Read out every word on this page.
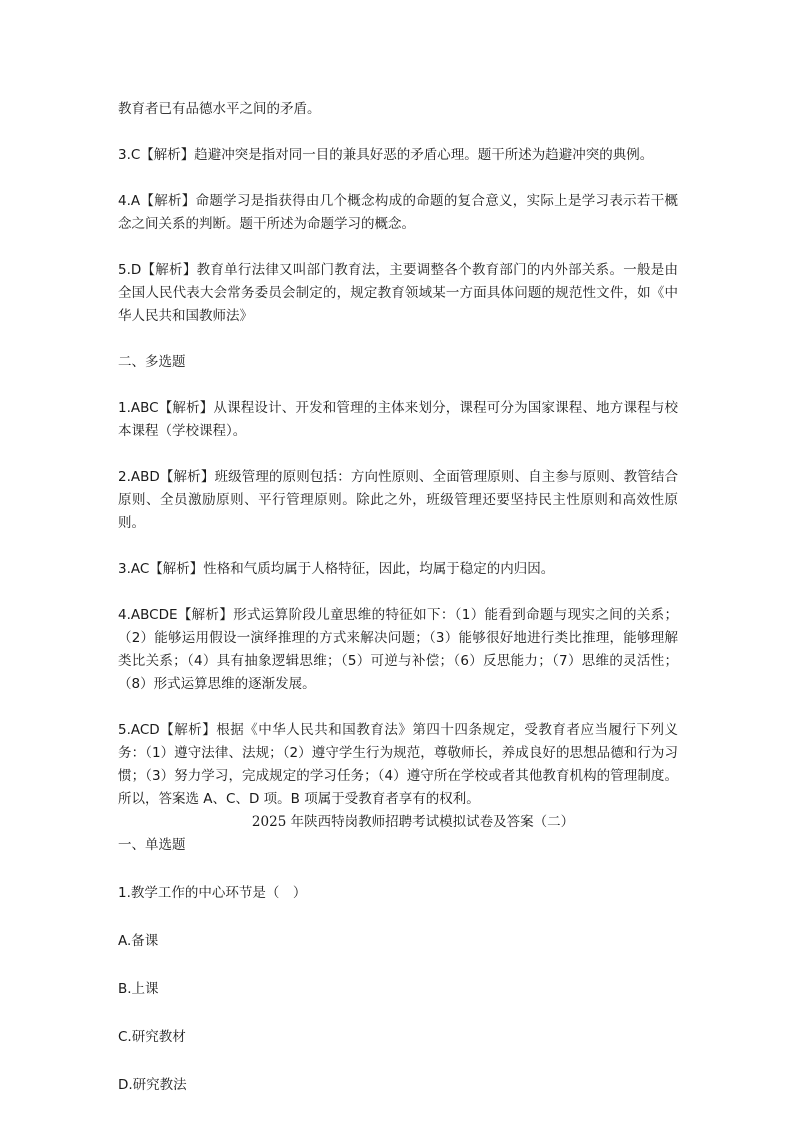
教育者已有品德水平之间的矛盾。

3.C【解析】趋避冲突是指对同一目的兼具好恶的矛盾心理。题干所述为趋避冲突的典例。

4.A【解析】命题学习是指获得由几个概念构成的命题的复合意义，实际上是学习表示若干概念之间关系的判断。题干所述为命题学习的概念。

5.D【解析】教育单行法律又叫部门教育法，主要调整各个教育部门的内外部关系。一般是由全国人民代表大会常务委员会制定的，规定教育领域某一方面具体问题的规范性文件，如《中华人民共和国教师法》

二、多选题

1.ABC【解析】从课程设计、开发和管理的主体来划分，课程可分为国家课程、地方课程与校本课程（学校课程）。

2.ABD【解析】班级管理的原则包括：方向性原则、全面管理原则、自主参与原则、教管结合原则、全员激励原则、平行管理原则。除此之外，班级管理还要坚持民主性原则和高效性原则。

3.AC【解析】性格和气质均属于人格特征，因此，均属于稳定的内归因。

4.ABCDE【解析】形式运算阶段儿童思维的特征如下：（1）能看到命题与现实之间的关系；（2）能够运用假设一演绎推理的方式来解决问题；（3）能够很好地进行类比推理，能够理解类比关系；（4）具有抽象逻辑思维；（5）可逆与补偿；（6）反思能力；（7）思维的灵活性；（8）形式运算思维的逐渐发展。

5.ACD【解析】根据《中华人民共和国教育法》第四十四条规定，受教育者应当履行下列义务：（1）遵守法律、法规；（2）遵守学生行为规范，尊敬师长，养成良好的思想品德和行为习惯；（3）努力学习，完成规定的学习任务；（4）遵守所在学校或者其他教育机构的管理制度。所以，答案选 A、C、D 项。B 项属于受教育者享有的权利。

2025 年陕西特岗教师招聘考试模拟试卷及答案（二）

一、单选题

1.教学工作的中心环节是（　）

A.备课

B.上课

C.研究教材

D.研究教法
